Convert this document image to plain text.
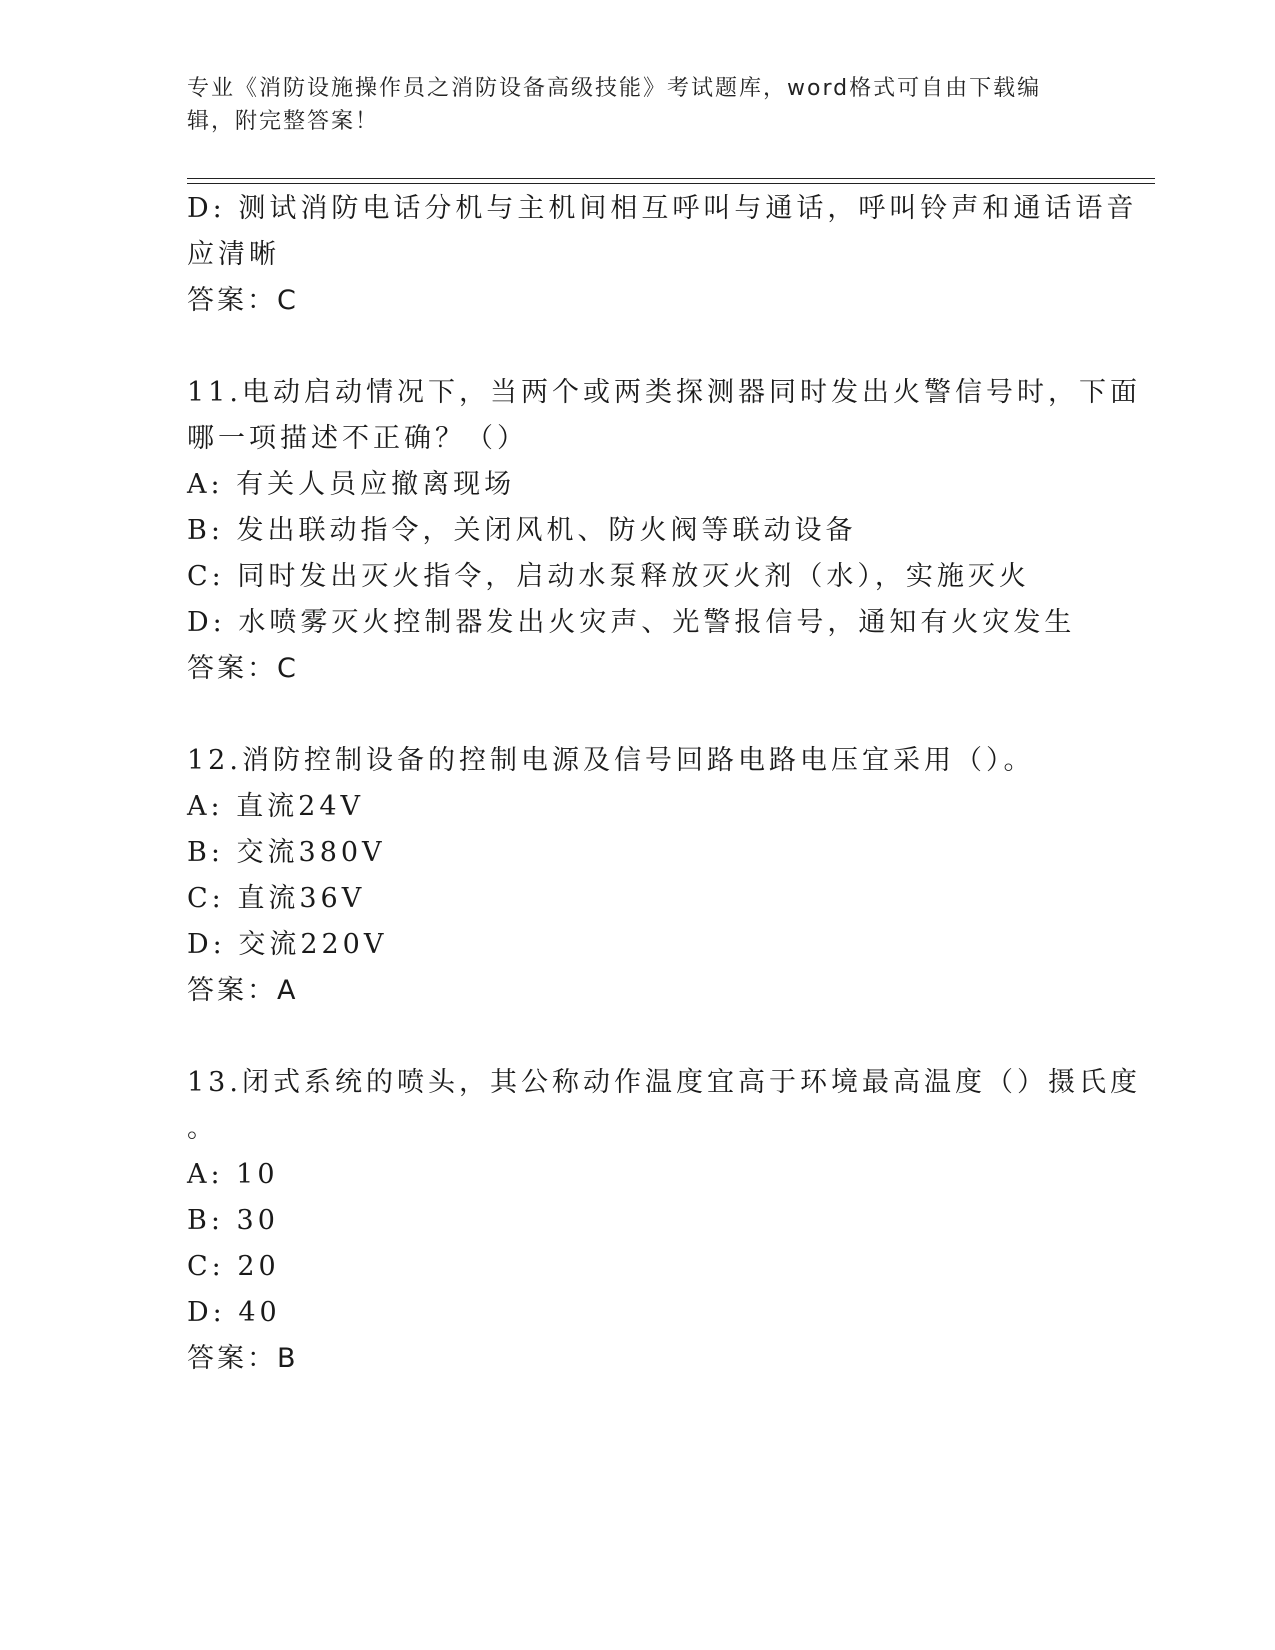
专业《消防设施操作员之消防设备高级技能》考试题库，word格式可自由下载编
辑，附完整答案！
D: 测试消防电话分机与主机间相互呼叫与通话，呼叫铃声和通话语音
应清晰
答案：C
11.电动启动情况下，当两个或两类探测器同时发出火警信号时，下面
哪一项描述不正确？（）
A: 有关人员应撤离现场
B: 发出联动指令，关闭风机、防火阀等联动设备
C: 同时发出灭火指令，启动水泵释放灭火剂（水），实施灭火
D: 水喷雾灭火控制器发出火灾声、光警报信号，通知有火灾发生
答案：C
12.消防控制设备的控制电源及信号回路电路电压宜采用（）。
A: 直流24V
B: 交流380V
C: 直流36V
D: 交流220V
答案：A
13.闭式系统的喷头，其公称动作温度宜高于环境最高温度（）摄氏度
。
A: 10
B: 30
C: 20
D: 40
答案：B
